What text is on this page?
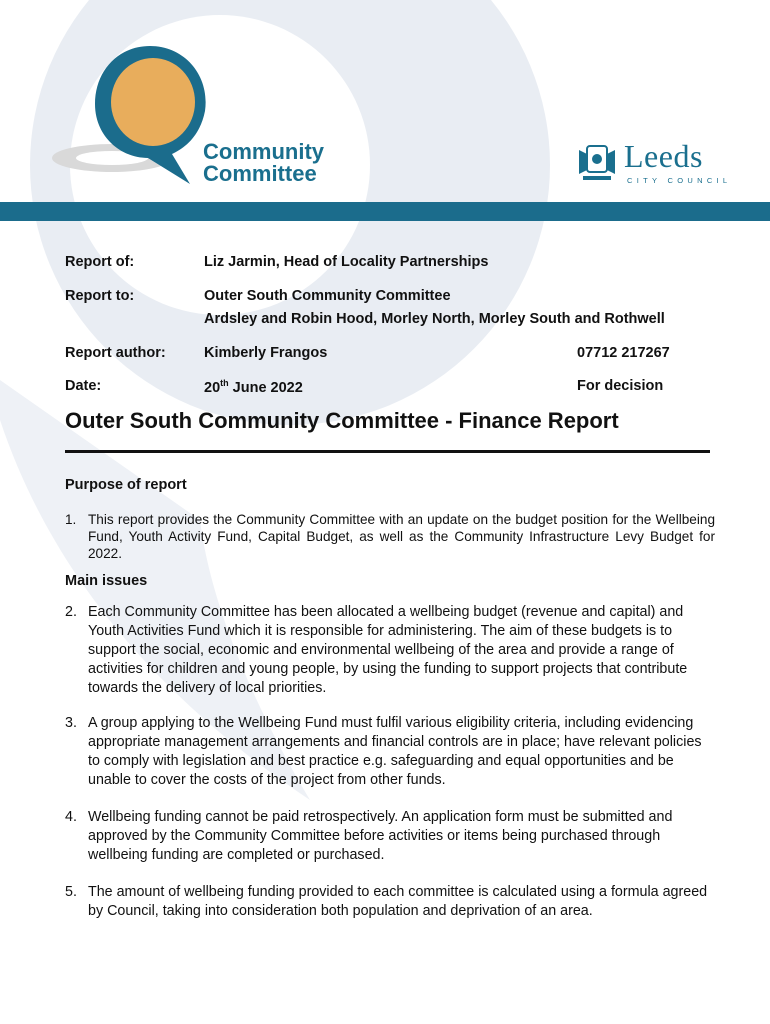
Community
Committee	Leeds
CITY COUNCIL
Report of:	Liz Jarmin, Head of Locality Partnerships
Report to:	Outer South Community Committee
Ardsley and Robin Hood, Morley North, Morley South and Rothwell
Report author:	Kimberly Frangos	07712 217267
Date:	20th June 2022	For decision
Outer South Community Committee - Finance Report
Purpose of report
1. This report provides the Community Committee with an update on the budget position for the Wellbeing Fund, Youth Activity Fund, Capital Budget, as well as the Community Infrastructure Levy Budget for 2022.
Main issues
2. Each Community Committee has been allocated a wellbeing budget (revenue and capital) and Youth Activities Fund which it is responsible for administering. The aim of these budgets is to support the social, economic and environmental wellbeing of the area and provide a range of activities for children and young people, by using the funding to support projects that contribute towards the delivery of local priorities.
3. A group applying to the Wellbeing Fund must fulfil various eligibility criteria, including evidencing appropriate management arrangements and financial controls are in place; have relevant policies to comply with legislation and best practice e.g. safeguarding and equal opportunities and be unable to cover the costs of the project from other funds.
4. Wellbeing funding cannot be paid retrospectively. An application form must be submitted and approved by the Community Committee before activities or items being purchased through wellbeing funding are completed or purchased.
5. The amount of wellbeing funding provided to each committee is calculated using a formula agreed by Council, taking into consideration both population and deprivation of an area.
